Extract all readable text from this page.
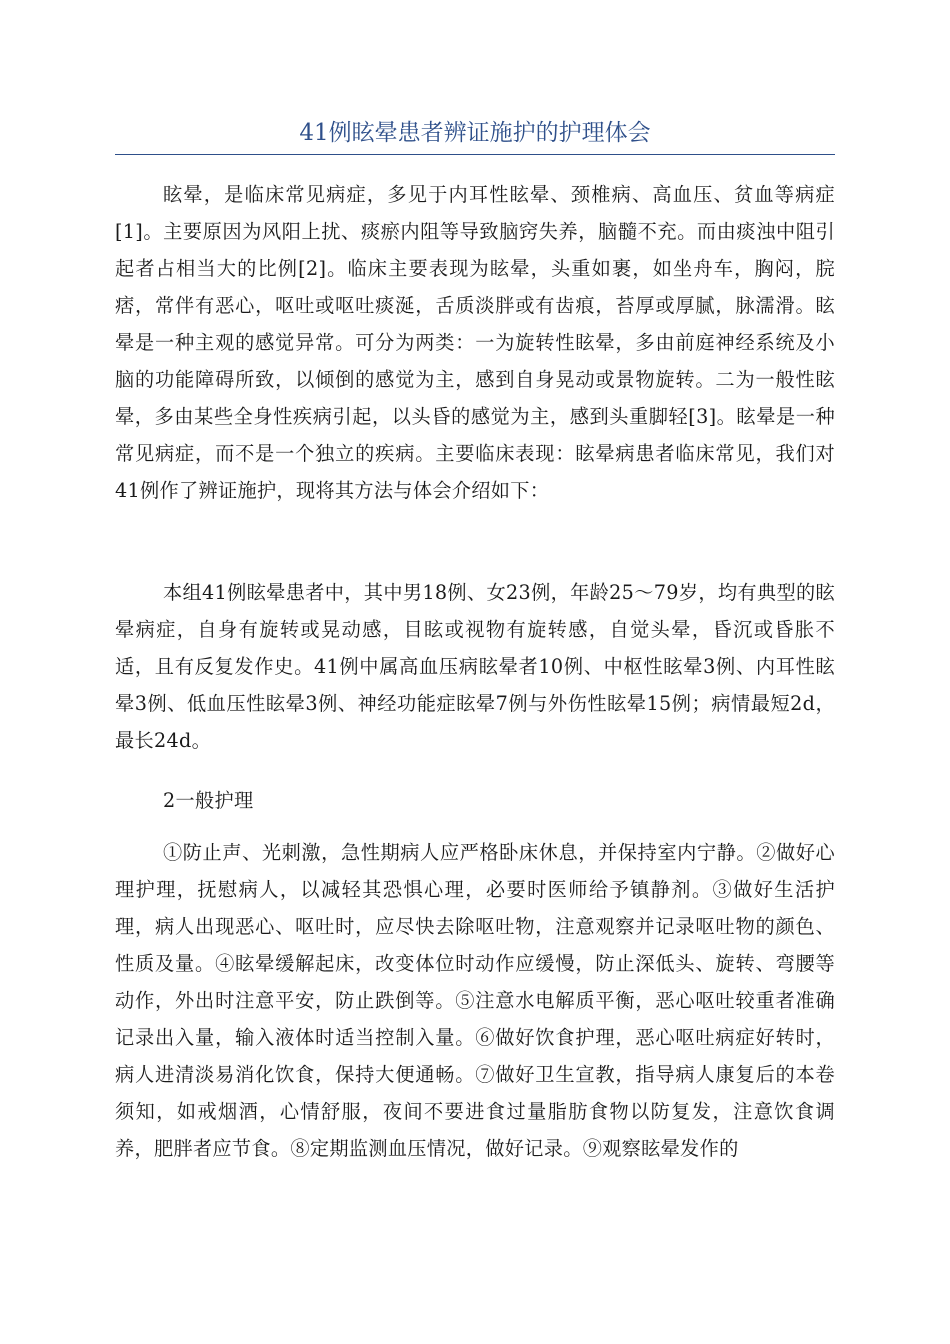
41例眩晕患者辨证施护的护理体会

眩晕，是临床常见病症，多见于内耳性眩晕、颈椎病、高血压、贫血等病症[1]。主要原因为风阳上扰、痰瘀内阻等导致脑窍失养，脑髓不充。而由痰浊中阻引起者占相当大的比例[2]。临床主要表现为眩晕，头重如裹，如坐舟车，胸闷，脘痞，常伴有恶心，呕吐或呕吐痰涎，舌质淡胖或有齿痕，苔厚或厚腻，脉濡滑。眩晕是一种主观的感觉异常。可分为两类：一为旋转性眩晕，多由前庭神经系统及小脑的功能障碍所致，以倾倒的感觉为主，感到自身晃动或景物旋转。二为一般性眩晕，多由某些全身性疾病引起，以头昏的感觉为主，感到头重脚轻[3]。眩晕是一种常见病症，而不是一个独立的疾病。主要临床表现：眩晕病患者临床常见，我们对41例作了辨证施护，现将其方法与体会介绍如下：

本组41例眩晕患者中，其中男18例、女23例，年龄25～79岁，均有典型的眩晕病症，自身有旋转或晃动感，目眩或视物有旋转感，自觉头晕，昏沉或昏胀不适，且有反复发作史。41例中属高血压病眩晕者10例、中枢性眩晕3例、内耳性眩晕3例、低血压性眩晕3例、神经功能症眩晕7例与外伤性眩晕15例；病情最短2d，最长24d。

2一般护理

①防止声、光刺激，急性期病人应严格卧床休息，并保持室内宁静。②做好心理护理，抚慰病人，以减轻其恐惧心理，必要时医师给予镇静剂。③做好生活护理，病人出现恶心、呕吐时，应尽快去除呕吐物，注意观察并记录呕吐物的颜色、性质及量。④眩晕缓解起床，改变体位时动作应缓慢，防止深低头、旋转、弯腰等动作，外出时注意平安，防止跌倒等。⑤注意水电解质平衡，恶心呕吐较重者准确记录出入量，输入液体时适当控制入量。⑥做好饮食护理，恶心呕吐病症好转时，病人进清淡易消化饮食，保持大便通畅。⑦做好卫生宣教，指导病人康复后的本卷须知，如戒烟酒，心情舒服，夜间不要进食过量脂肪食物以防复发，注意饮食调养，肥胖者应节食。⑧定期监测血压情况，做好记录。⑨观察眩晕发作的
